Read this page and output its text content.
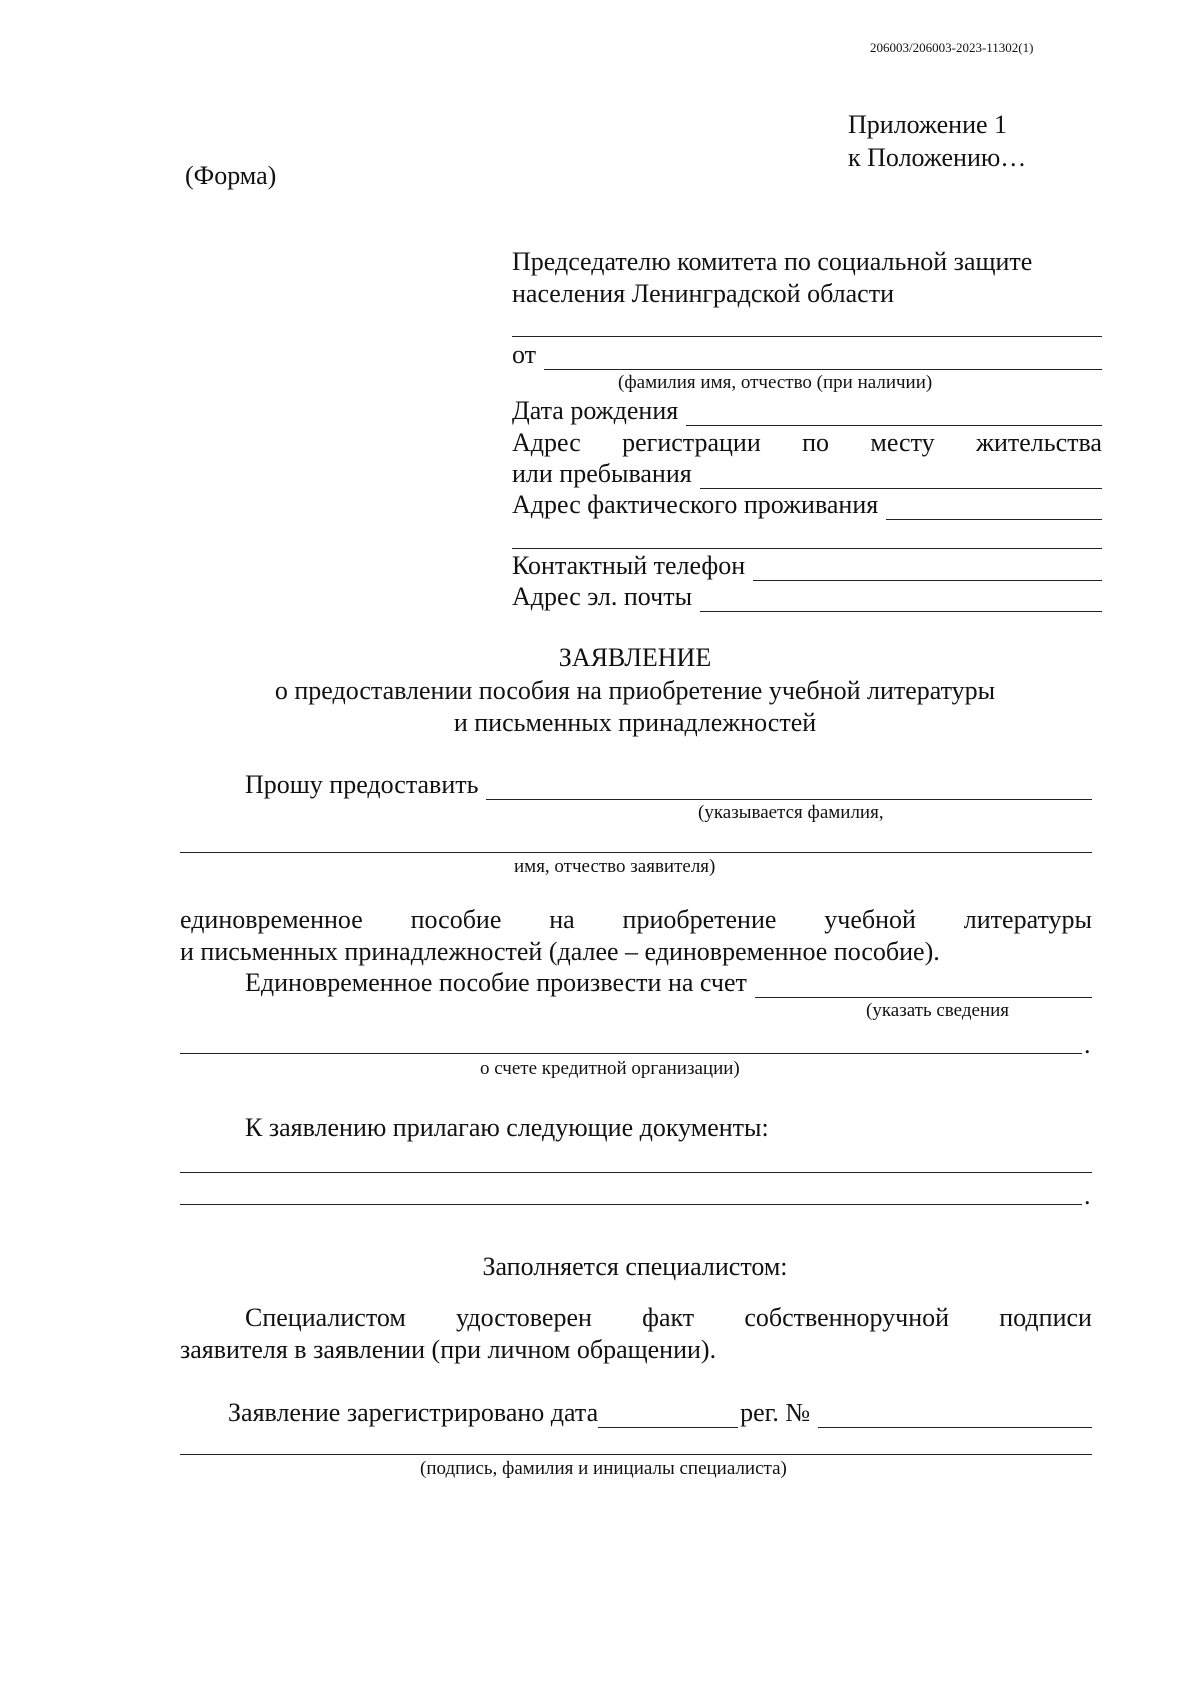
206003/206003-2023-11302(1)
Приложение 1
к Положению…
(Форма)
Председателю комитета по социальной защите
населения Ленинградской области
от
(фамилия имя, отчество (при наличии)
Дата рождения
Адрес регистрации по месту жительства
или пребывания
Адрес фактического проживания
Контактный телефон
Адрес эл. почты
ЗАЯВЛЕНИЕ
о предоставлении пособия на приобретение учебной литературы
и письменных принадлежностей
Прошу предоставить
(указывается фамилия,
имя, отчество заявителя)
единовременное пособие на приобретение учебной литературы
и письменных принадлежностей (далее – единовременное пособие).
Единовременное пособие произвести на счет
(указать сведения
.
о счете кредитной организации)
К заявлению прилагаю следующие документы:
.
Заполняется специалистом:
Специалистом удостоверен факт собственноручной подписи
заявителя в заявлении (при личном обращении).
Заявление зарегистрировано дата	рег. №
(подпись, фамилия и инициалы специалиста)
